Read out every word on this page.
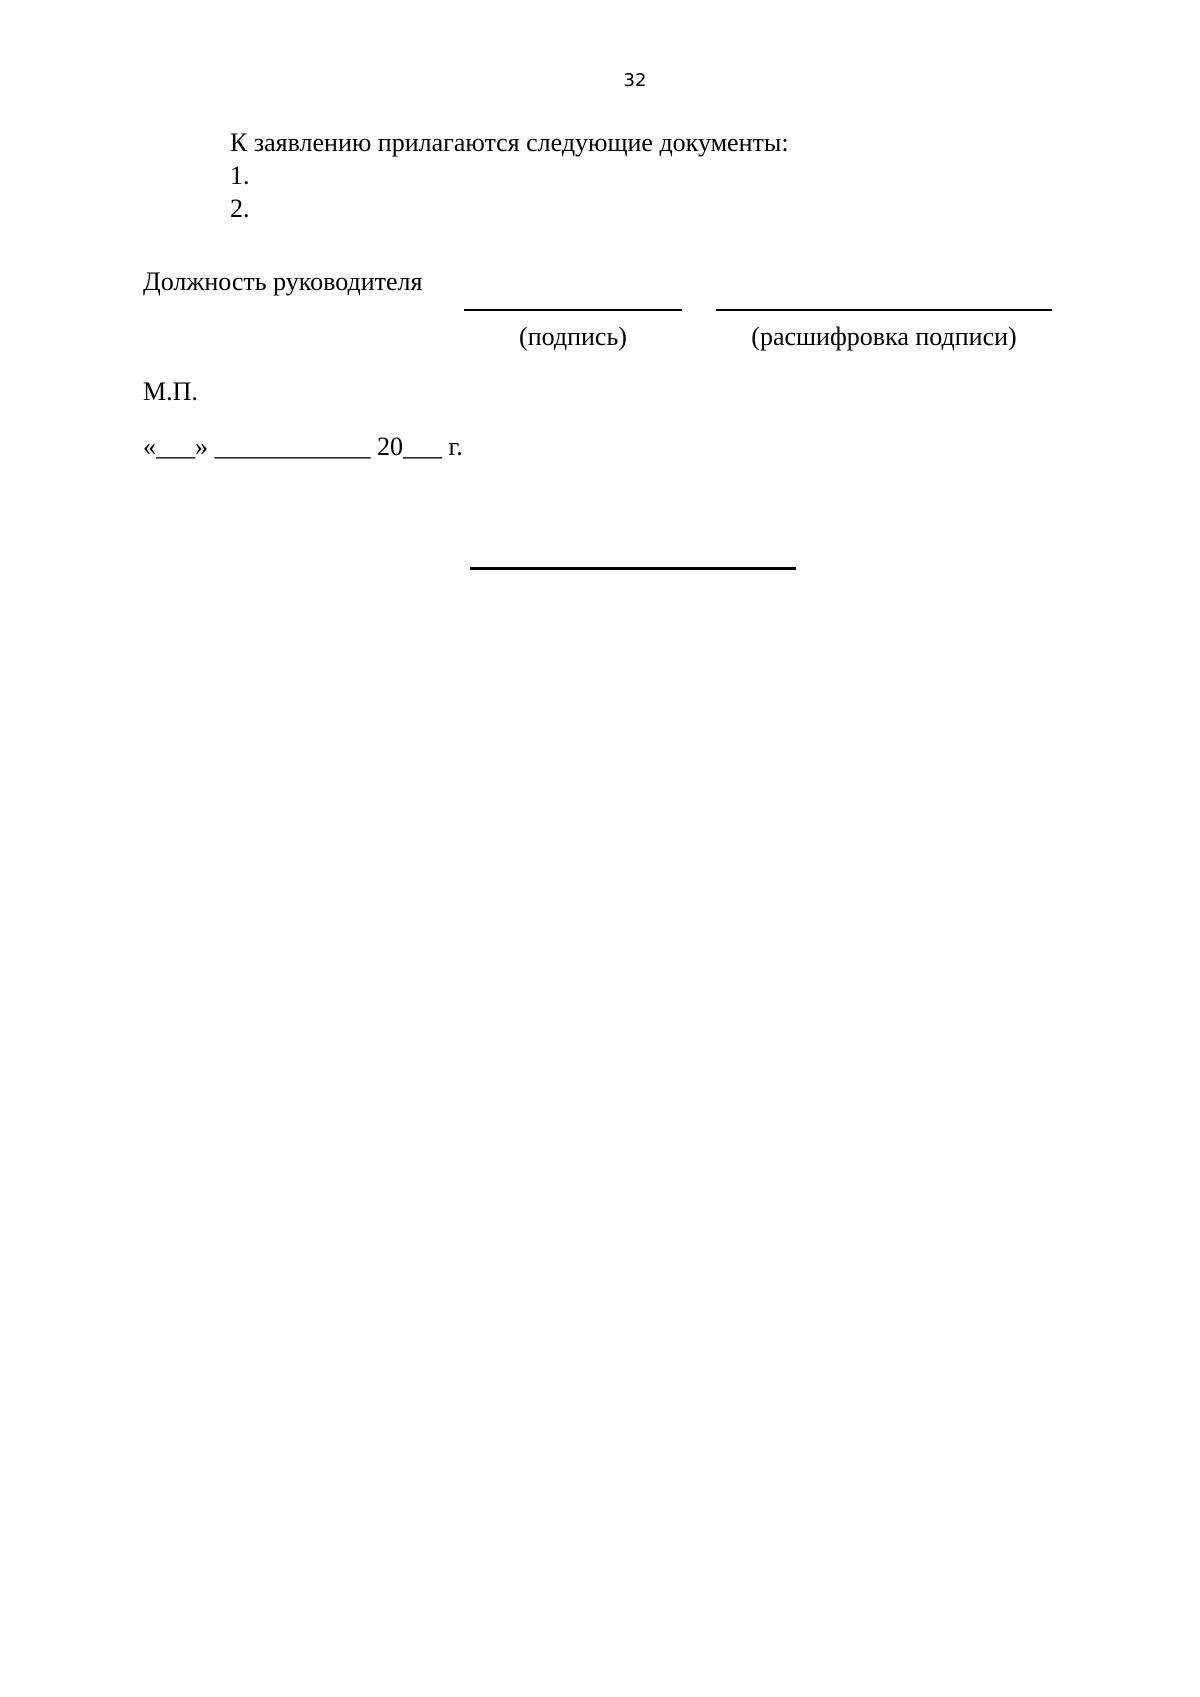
32
К заявлению прилагаются следующие документы:
1.
2.
Должность руководителя
(подпись)	(расшифровка подписи)
М.П.
«___» ____________ 20___ г.
